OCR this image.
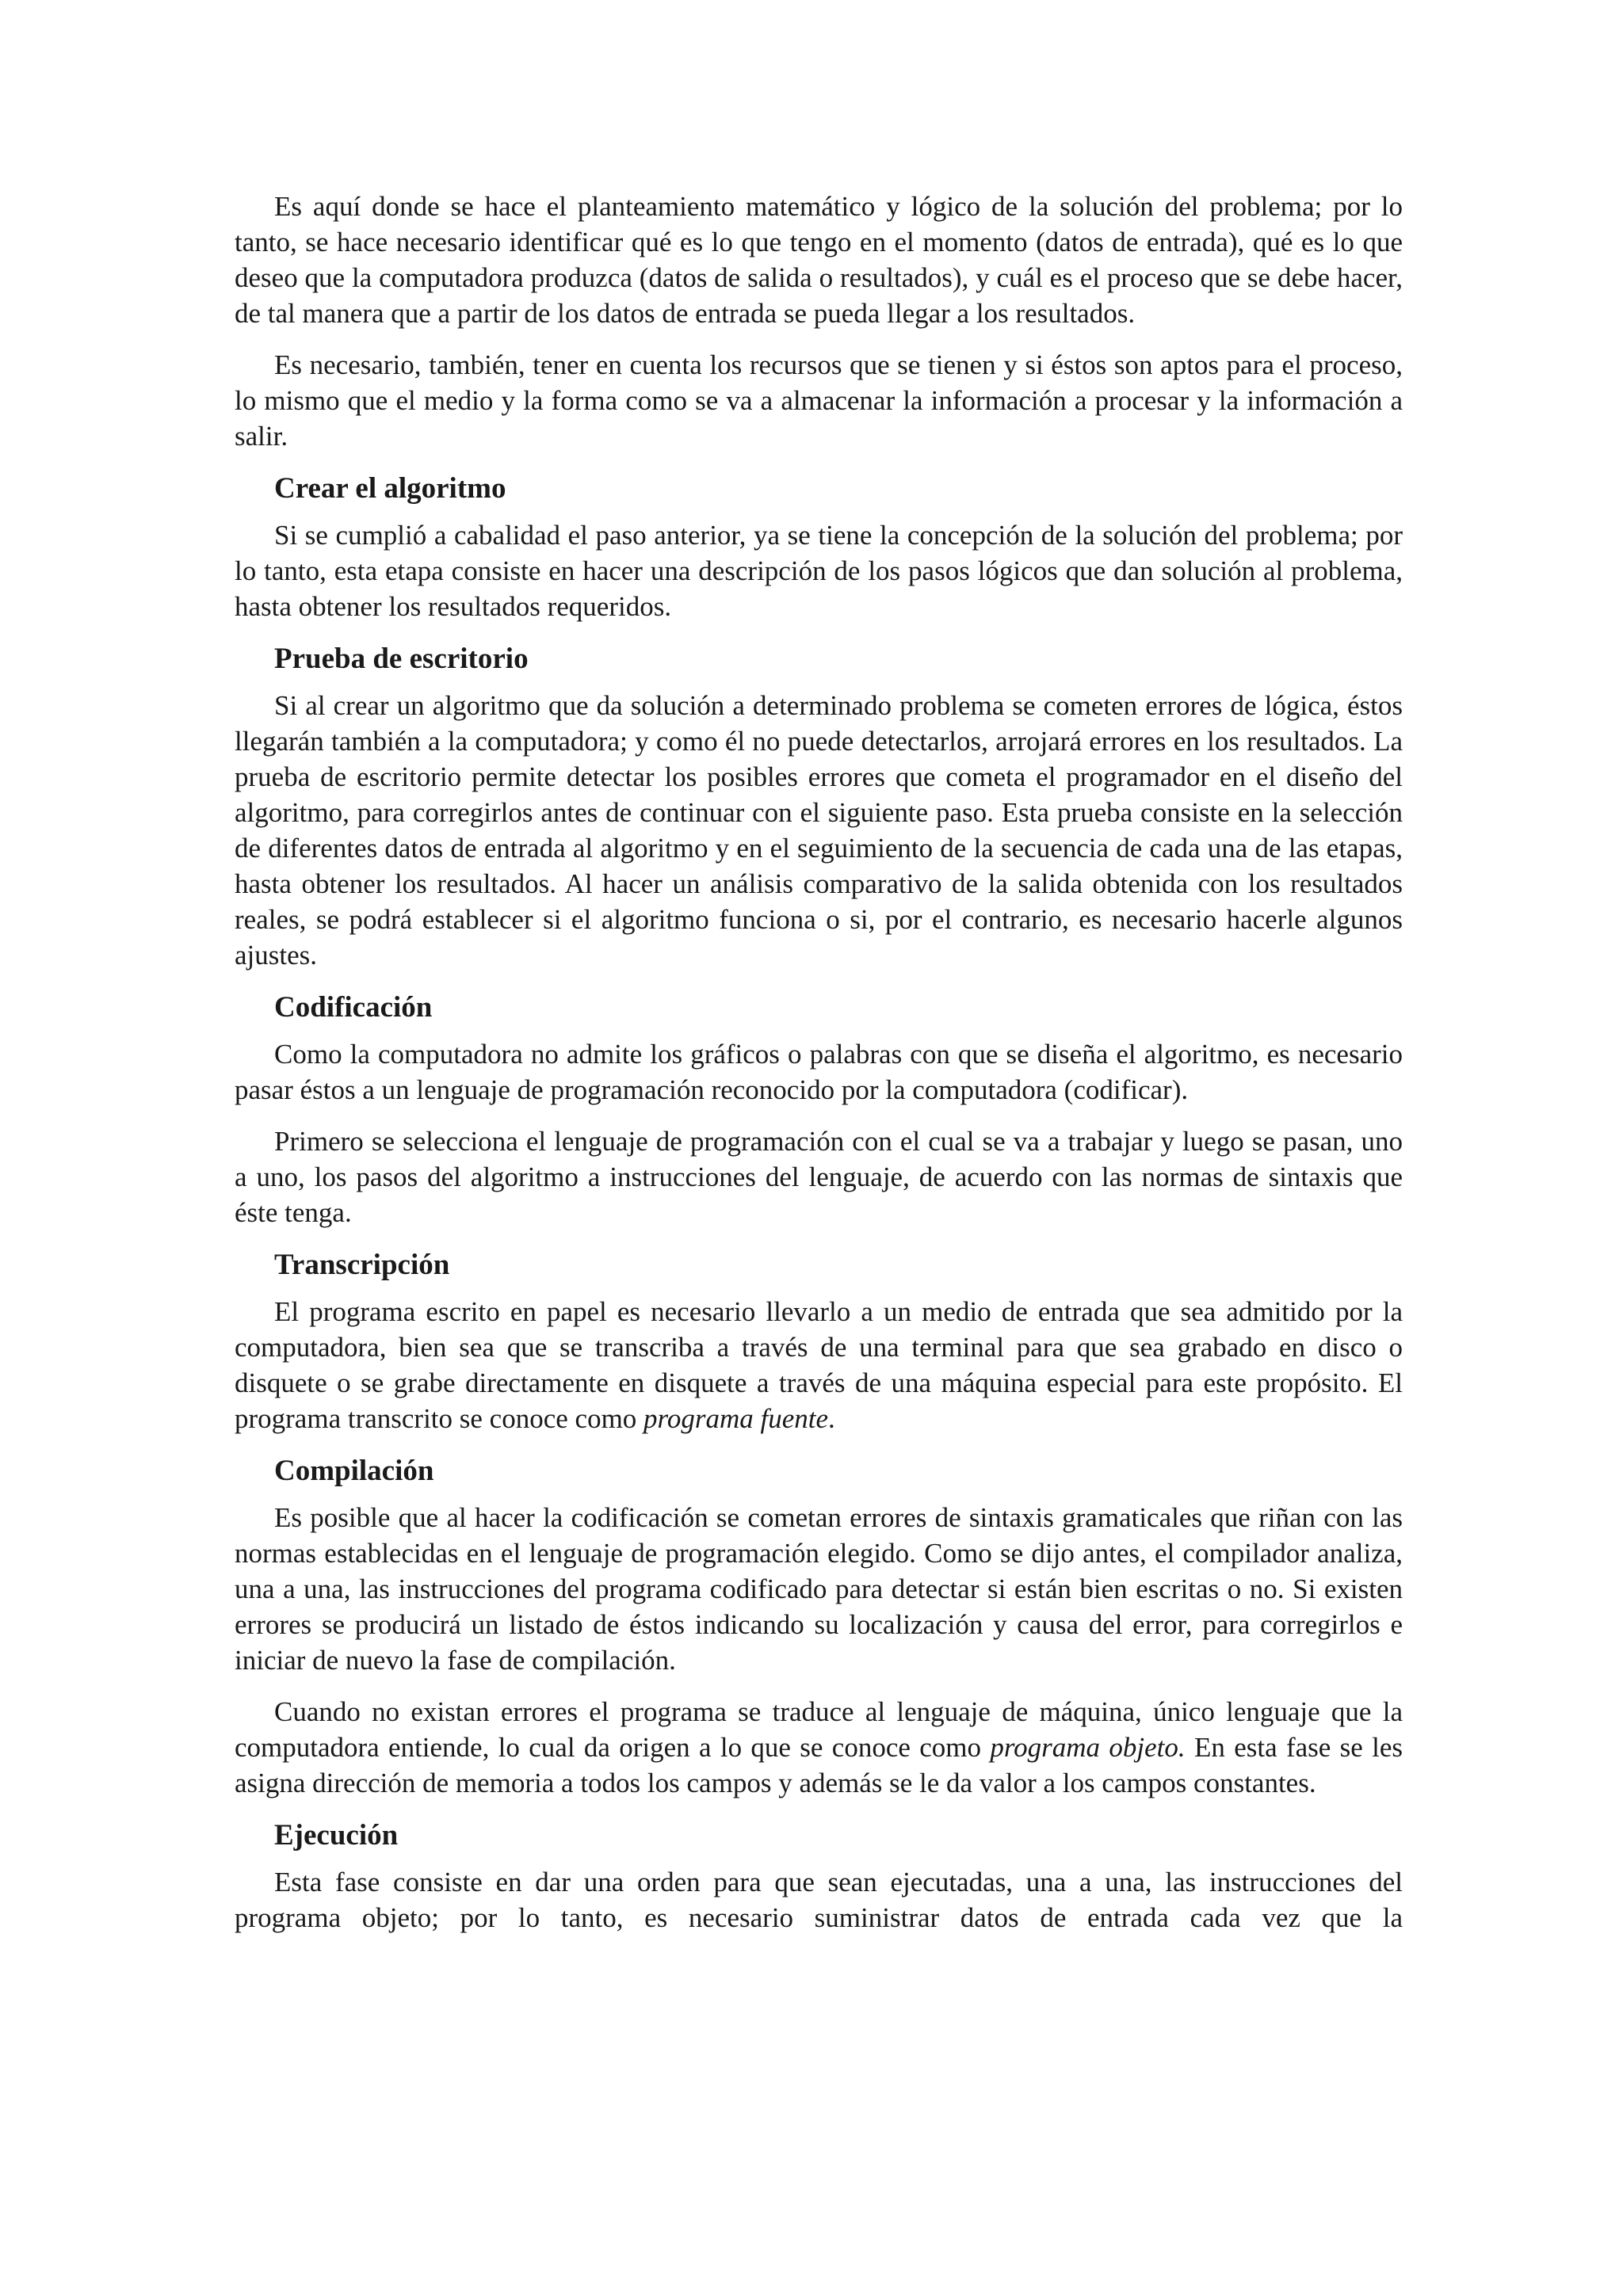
Es aquí donde se hace el planteamiento matemático y lógico de la solución del problema; por lo tanto, se hace necesario identificar qué es lo que tengo en el momento (datos de entrada), qué es lo que deseo que la computadora produzca (datos de salida o resultados), y cuál es el proceso que se debe hacer, de tal manera que a partir de los datos de entrada se pueda llegar a los resultados.

Es necesario, también, tener en cuenta los recursos que se tienen y si éstos son aptos para el proceso, lo mismo que el medio y la forma como se va a almacenar la información a procesar y la información a salir.

Crear el algoritmo

Si se cumplió a cabalidad el paso anterior, ya se tiene la concepción de la solución del problema; por lo tanto, esta etapa consiste en hacer una descripción de los pasos lógicos que dan solución al problema, hasta obtener los resultados requeridos.

Prueba de escritorio

Si al crear un algoritmo que da solución a determinado problema se cometen errores de lógica, éstos llegarán también a la computadora; y como él no puede detectarlos, arrojará errores en los resultados. La prueba de escritorio permite detectar los posibles errores que cometa el programador en el diseño del algoritmo, para corregirlos antes de continuar con el siguiente paso. Esta prueba consiste en la selección de diferentes datos de entrada al algoritmo y en el seguimiento de la secuencia de cada una de las etapas, hasta obtener los resultados. Al hacer un análisis comparativo de la salida obtenida con los resultados reales, se podrá establecer si el algoritmo funciona o si, por el contrario, es necesario hacerle algunos ajustes.

Codificación

Como la computadora no admite los gráficos o palabras con que se diseña el algoritmo, es necesario pasar éstos a un lenguaje de programación reconocido por la computadora (codificar).

Primero se selecciona el lenguaje de programación con el cual se va a trabajar y luego se pasan, uno a uno, los pasos del algoritmo a instrucciones del lenguaje, de acuerdo con las normas de sintaxis que éste tenga.

Transcripción

El programa escrito en papel es necesario llevarlo a un medio de entrada que sea admitido por la computadora, bien sea que se transcriba a través de una terminal para que sea grabado en disco o disquete o se grabe directamente en disquete a través de una máquina especial para este propósito. El programa transcrito se conoce como programa fuente.

Compilación

Es posible que al hacer la codificación se cometan errores de sintaxis gramaticales que riñan con las normas establecidas en el lenguaje de programación elegido. Como se dijo antes, el compilador analiza, una a una, las instrucciones del programa codificado para detectar si están bien escritas o no. Si existen errores se producirá un listado de éstos indicando su localización y causa del error, para corregirlos e iniciar de nuevo la fase de compilación.

Cuando no existan errores el programa se traduce al lenguaje de máquina, único lenguaje que la computadora entiende, lo cual da origen a lo que se conoce como programa objeto. En esta fase se les asigna dirección de memoria a todos los campos y además se le da valor a los campos constantes.

Ejecución

Esta fase consiste en dar una orden para que sean ejecutadas, una a una, las instrucciones del programa objeto; por lo tanto, es necesario suministrar datos de entrada cada vez que la
